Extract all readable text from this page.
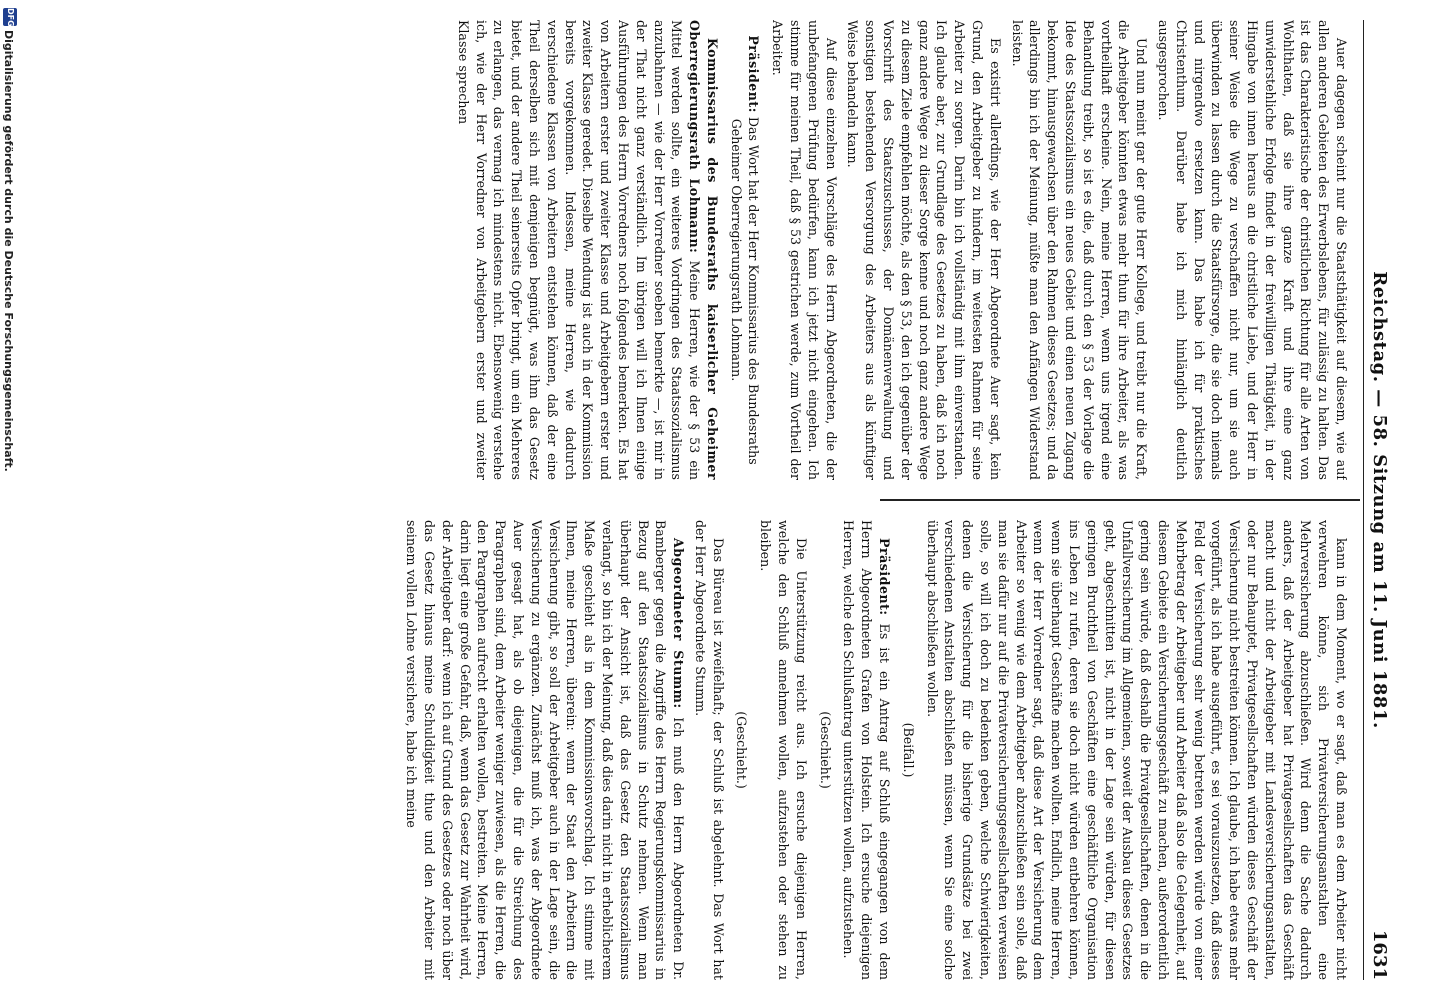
Reichstag. — 58. Sitzung am 11. Juni 1881.
1631

Auer dagegen scheint nur die Staatsthätigkeit auf diesem, wie auf allen anderen Gebieten des Erwerbslebens, für zulässig zu halten. Das ist das Charakteristische der christlichen Richtung für alle Arten von Wohlthaten, daß sie ihre ganze Kraft und ihre eine ganz unwiderstehliche Erfolge findet in der freiwilligen Thätigkeit, in der Hingabe von innen heraus an die christliche Liebe, und der Herr in seiner Weise die Wege zu verschaffen nicht nur, um sie auch überwinden zu lassen durch die Staatsfürsorge, die sie doch niemals und nirgendwo ersetzen kann. Das habe ich für praktisches Christenthum. Darüber habe ich mich hinlänglich deutlich ausgesprochen.

Und nun meint gar der gute Herr Kollege, und treibt nur die Kraft, die Arbeitgeber könnten etwas mehr thun für ihre Arbeiter, als was vortheilhaft erscheine. Nein, meine Herren, wenn uns irgend eine Behandlung treibt, so ist es die, daß durch den § 53 der Vorlage die Idee des Staatssozialismus ein neues Gebiet und einen neuen Zugang bekommt, hinausgewachsen über den Rahmen dieses Gesetzes; und da allerdings bin ich der Meinung, müßte man den Anfängen Widerstand leisten.

Es existirt allerdings, wie der Herr Abgeordnete Auer sagt, kein Grund, den Arbeitgeber zu hindern, im weitesten Rahmen für seine Arbeiter zu sorgen. Darin bin ich vollständig mit ihm einverstanden. Ich glaube aber, zur Grundlage des Gesetzes zu haben, daß ich noch ganz andere Wege zu dieser Sorge kenne und noch ganz andere Wege zu diesem Ziele empfehlen möchte, als den § 53, den ich gegenüber der Vorschrift des Staatszuschusses, der Domänenverwaltung und sonstigen bestehenden Versorgung des Arbeiters aus als künftiger Weise behandeln kann.

Auf diese einzelnen Vorschläge des Herrn Abgeordneten, die der unbefangenen Prüfung bedürfen, kann ich jetzt nicht eingehen. Ich stimme für meinen Theil, daß § 53 gestrichen werde, zum Vortheil der Arbeiter.

Präsident: Das Wort hat der Herr Kommissarius des Bundesraths Geheimer Oberregierungsrath Lohmann.

Kommissarius des Bundesraths kaiserlicher Geheimer Oberregierungsrath Lohmann: Meine Herren, wie der § 53 ein Mittel werden sollte, ein weiteres Vordringen des Staatssozialismus anzubahnen — wie der Herr Vorredner soeben bemerkte —, ist mir in der That nicht ganz verständlich. Im übrigen will ich Ihnen einige Ausführungen des Herrn Vorredners noch folgendes bemerken. Es hat von Arbeitern erster und zweiter Klasse und Arbeitgebern erster und zweiter Klasse geredet. Dieselbe Wendung ist auch in der Kommission bereits vorgekommen. Indessen, meine Herren, wie dadurch verschiedene Klassen von Arbeitern entstehen können, daß der eine Theil derselben sich mit demjenigen begnügt, was ihm das Gesetz bietet, und der andere Theil seinerseits Opfer bringt, um ein Mehreres zu erlangen, das vermag ich mindestens nicht. Ebensowenig verstehe ich, wie der Herr Vorredner von Arbeitgebern erster und zweiter Klasse sprechen

kann in dem Moment, wo er sagt, daß man es dem Arbeiter nicht verwehren könne, sich Privatversicherungsanstalten eine Mehrversicherung abzuschließen. Wird denn die Sache dadurch anders, daß der Arbeitgeber hat Privatgesellschaften das Geschäft macht und nicht der Arbeitgeber mit Landesversicherungsanstalten, oder nur Behauptet, Privatgesellschaften würden dieses Geschäft der Versicherung nicht bestreiten können. Ich glaube, ich habe etwas mehr vorgeführt, als ich habe ausgeführt, es sei vorauszusetzen, daß dieses Feld der Versicherung sehr wenig betreten werden würde von einer Mehrbetrag der Arbeitgeber und Arbeiter daß also die Gelegenheit, auf diesem Gebiete ein Versicherungsgeschäft zu machen, außerordentlich gering sein würde, daß deshalb die Privatgesellschaften, denen in die Unfallversicherung im Allgemeinen, soweit der Ausbau dieses Gesetzes geht, abgeschnitten ist, nicht in der Lage sein würden, für diesen geringen Bruchtheil von Geschäften eine geschäftliche Organisation ins Leben zu rufen, deren sie doch nicht würden entbehren können, wenn sie überhaupt Geschäfte machen wollten. Endlich, meine Herren, wenn der Herr Vorredner sagt, daß diese Art der Versicherung dem Arbeiter so wenig wie dem Arbeitgeber abzuschließen sein solle, daß man sie dafür nur auf die Privatversicherungsgesellschaften verweisen solle, so will ich doch zu bedenken geben, welche Schwierigkeiten, denen die Versicherung für die bisherige Grundsätze bei zwei verschiedenen Anstalten abschließen müssen, wenn Sie eine solche überhaupt abschließen wollen.

(Beifall.)

Präsident: Es ist ein Antrag auf Schluß eingegangen von dem Herrn Abgeordneten Grafen von Holstein. Ich ersuche diejenigen Herren, welche den Schlußantrag unterstützen wollen, aufzustehen.

(Geschieht.)

Die Unterstützung reicht aus. Ich ersuche diejenigen Herren, welche den Schluß annehmen wollen, aufzustehen oder stehen zu bleiben.

(Geschieht.)

Das Büreau ist zweifelhaft; der Schluß ist abgelehnt. Das Wort hat der Herr Abgeordnete Stumm.

Abgeordneter Stumm: Ich muß den Herrn Abgeordneten Dr. Bamberger gegen die Angriffe des Herrn Regierungskommissarius in Bezug auf den Staatssozialismus in Schutz nehmen. Wenn man überhaupt der Ansicht ist, daß das Gesetz den Staatssozialismus verlangt, so bin ich der Meinung, daß dies darin nicht in erheblicherem Maße geschieht als in dem Kommissionsvorschlag. Ich stimme mit Ihnen, meine Herren, überein: wenn der Staat den Arbeitern die Versicherung gibt, so soll der Arbeitgeber auch in der Lage sein, die Versicherung zu ergänzen. Zunächst muß ich, was der Abgeordnete Auer gesagt hat, als ob diejenigen, die für die Streichung des Paragraphen sind, dem Arbeiter weniger zuwiesen, als die Herren, die den Paragraphen aufrecht erhalten wollen, bestreiten. Meine Herren, darin liegt eine große Gefahr, daß, wenn das Gesetz zur Wahrheit wird, der Arbeitgeber darf: wenn ich auf Grund des Gesetzes oder noch über das Gesetz hinaus meine Schuldigkeit thue und den Arbeiter mit seinem vollen Lohne versichere, habe ich meine

DFG
Digitalisierung gefördert durch die Deutsche Forschungsgemeinschaft.
